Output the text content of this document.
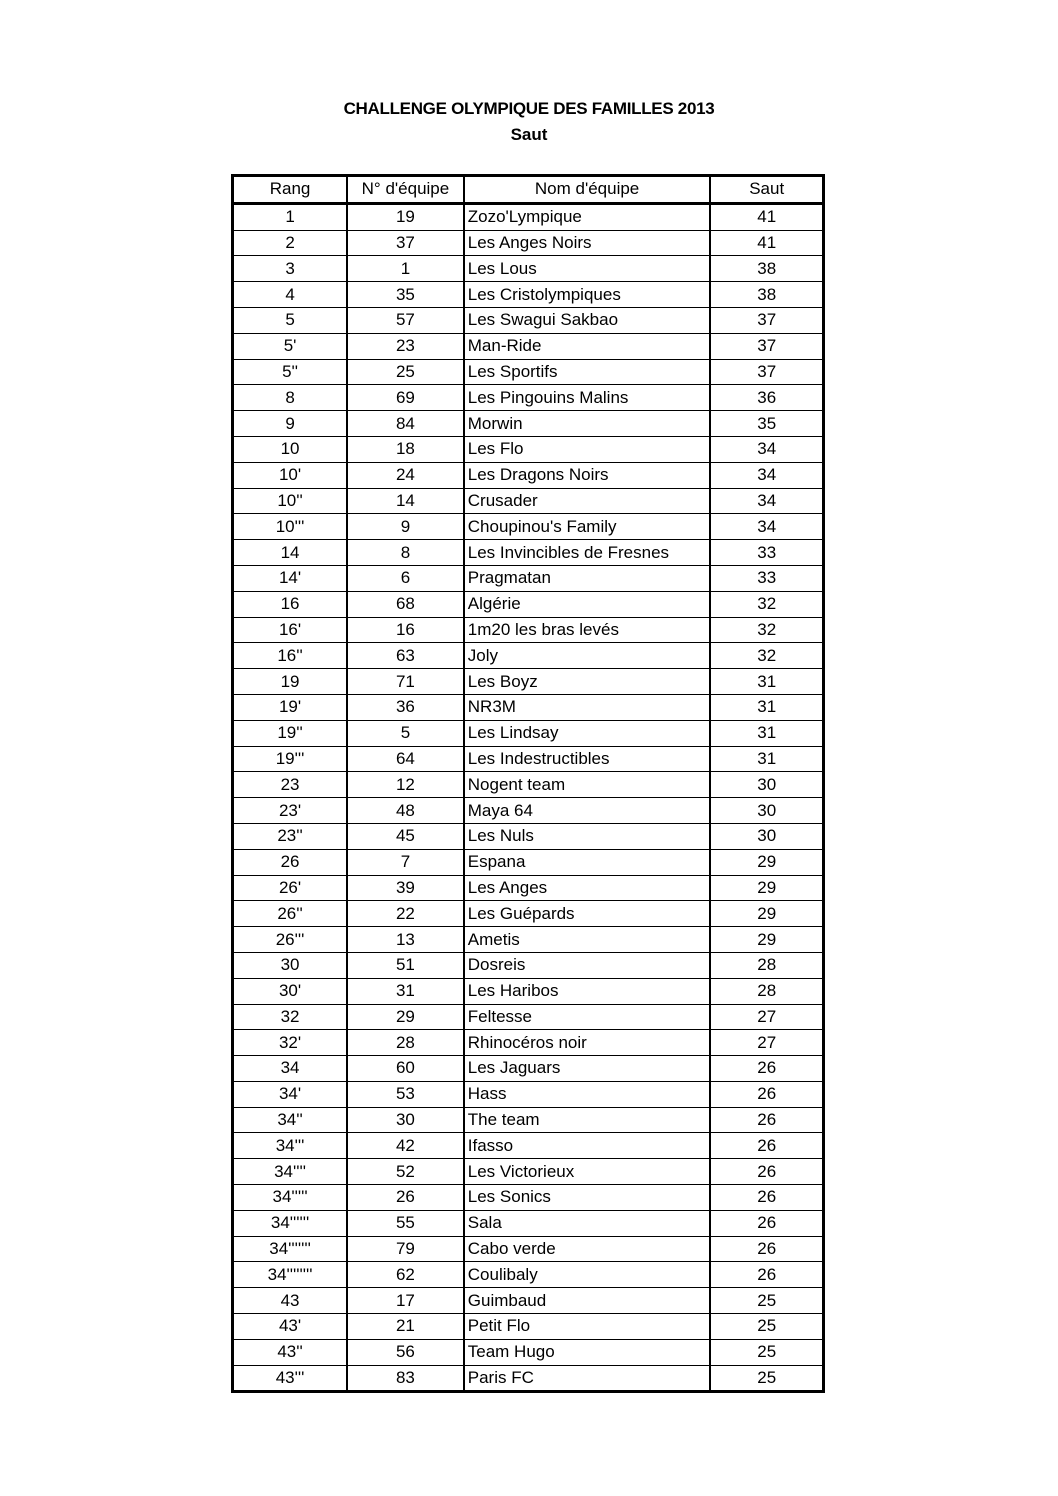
CHALLENGE OLYMPIQUE DES FAMILLES 2013
Saut
Rang	N° d'équipe	Nom d'équipe	Saut
1	19	Zozo'Lympique	41
2	37	Les Anges Noirs	41
3	1	Les Lous	38
4	35	Les Cristolympiques	38
5	57	Les Swagui Sakbao	37
5'	23	Man-Ride	37
5''	25	Les Sportifs	37
8	69	Les Pingouins Malins	36
9	84	Morwin	35
10	18	Les Flo	34
10'	24	Les Dragons Noirs	34
10''	14	Crusader	34
10'''	9	Choupinou's Family	34
14	8	Les Invincibles de Fresnes	33
14'	6	Pragmatan	33
16	68	Algérie	32
16'	16	1m20 les bras levés	32
16''	63	Joly	32
19	71	Les Boyz	31
19'	36	NR3M	31
19''	5	Les Lindsay	31
19'''	64	Les Indestructibles	31
23	12	Nogent team	30
23'	48	Maya 64	30
23''	45	Les Nuls	30
26	7	Espana	29
26'	39	Les Anges	29
26''	22	Les Guépards	29
26'''	13	Ametis	29
30	51	Dosreis	28
30'	31	Les Haribos	28
32	29	Feltesse	27
32'	28	Rhinocéros noir	27
34	60	Les Jaguars	26
34'	53	Hass	26
34''	30	The team	26
34'''	42	Ifasso	26
34''''	52	Les Victorieux	26
34'''''	26	Les Sonics	26
34''''''	55	Sala	26
34'''''''	79	Cabo verde	26
34''''''''	62	Coulibaly	26
43	17	Guimbaud	25
43'	21	Petit Flo	25
43''	56	Team Hugo	25
43'''	83	Paris FC	25
